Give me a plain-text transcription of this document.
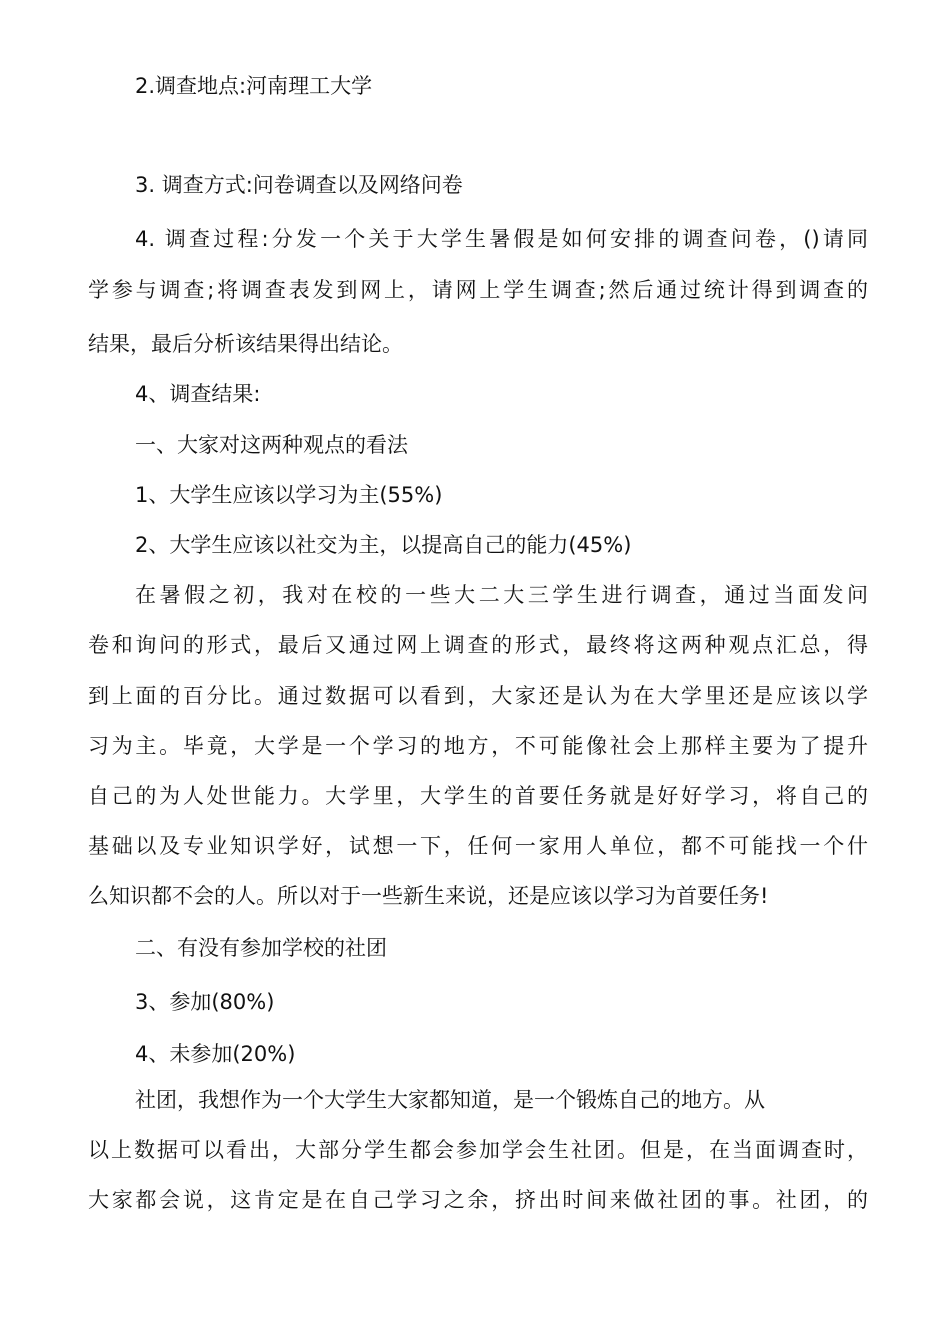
2.调查地点:河南理工大学
3. 调查方式:问卷调查以及网络问卷
4. 调查过程:分发一个关于大学生暑假是如何安排的调查问卷，()请同
学参与调查;将调查表发到网上，请网上学生调查;然后通过统计得到调查的
结果，最后分析该结果得出结论。
4、调查结果:
一、大家对这两种观点的看法
1、大学生应该以学习为主(55%)
2、大学生应该以社交为主，以提高自己的能力(45%)
在暑假之初，我对在校的一些大二大三学生进行调查，通过当面发问
卷和询问的形式，最后又通过网上调查的形式，最终将这两种观点汇总，得
到上面的百分比。通过数据可以看到，大家还是认为在大学里还是应该以学
习为主。毕竟，大学是一个学习的地方，不可能像社会上那样主要为了提升
自己的为人处世能力。大学里，大学生的首要任务就是好好学习，将自己的
基础以及专业知识学好，试想一下，任何一家用人单位，都不可能找一个什
么知识都不会的人。所以对于一些新生来说，还是应该以学习为首要任务!
二、有没有参加学校的社团
3、参加(80%)
4、未参加(20%)
社团，我想作为一个大学生大家都知道，是一个锻炼自己的地方。从
以上数据可以看出，大部分学生都会参加学会生社团。但是，在当面调查时，
大家都会说，这肯定是在自己学习之余，挤出时间来做社团的事。社团，的
